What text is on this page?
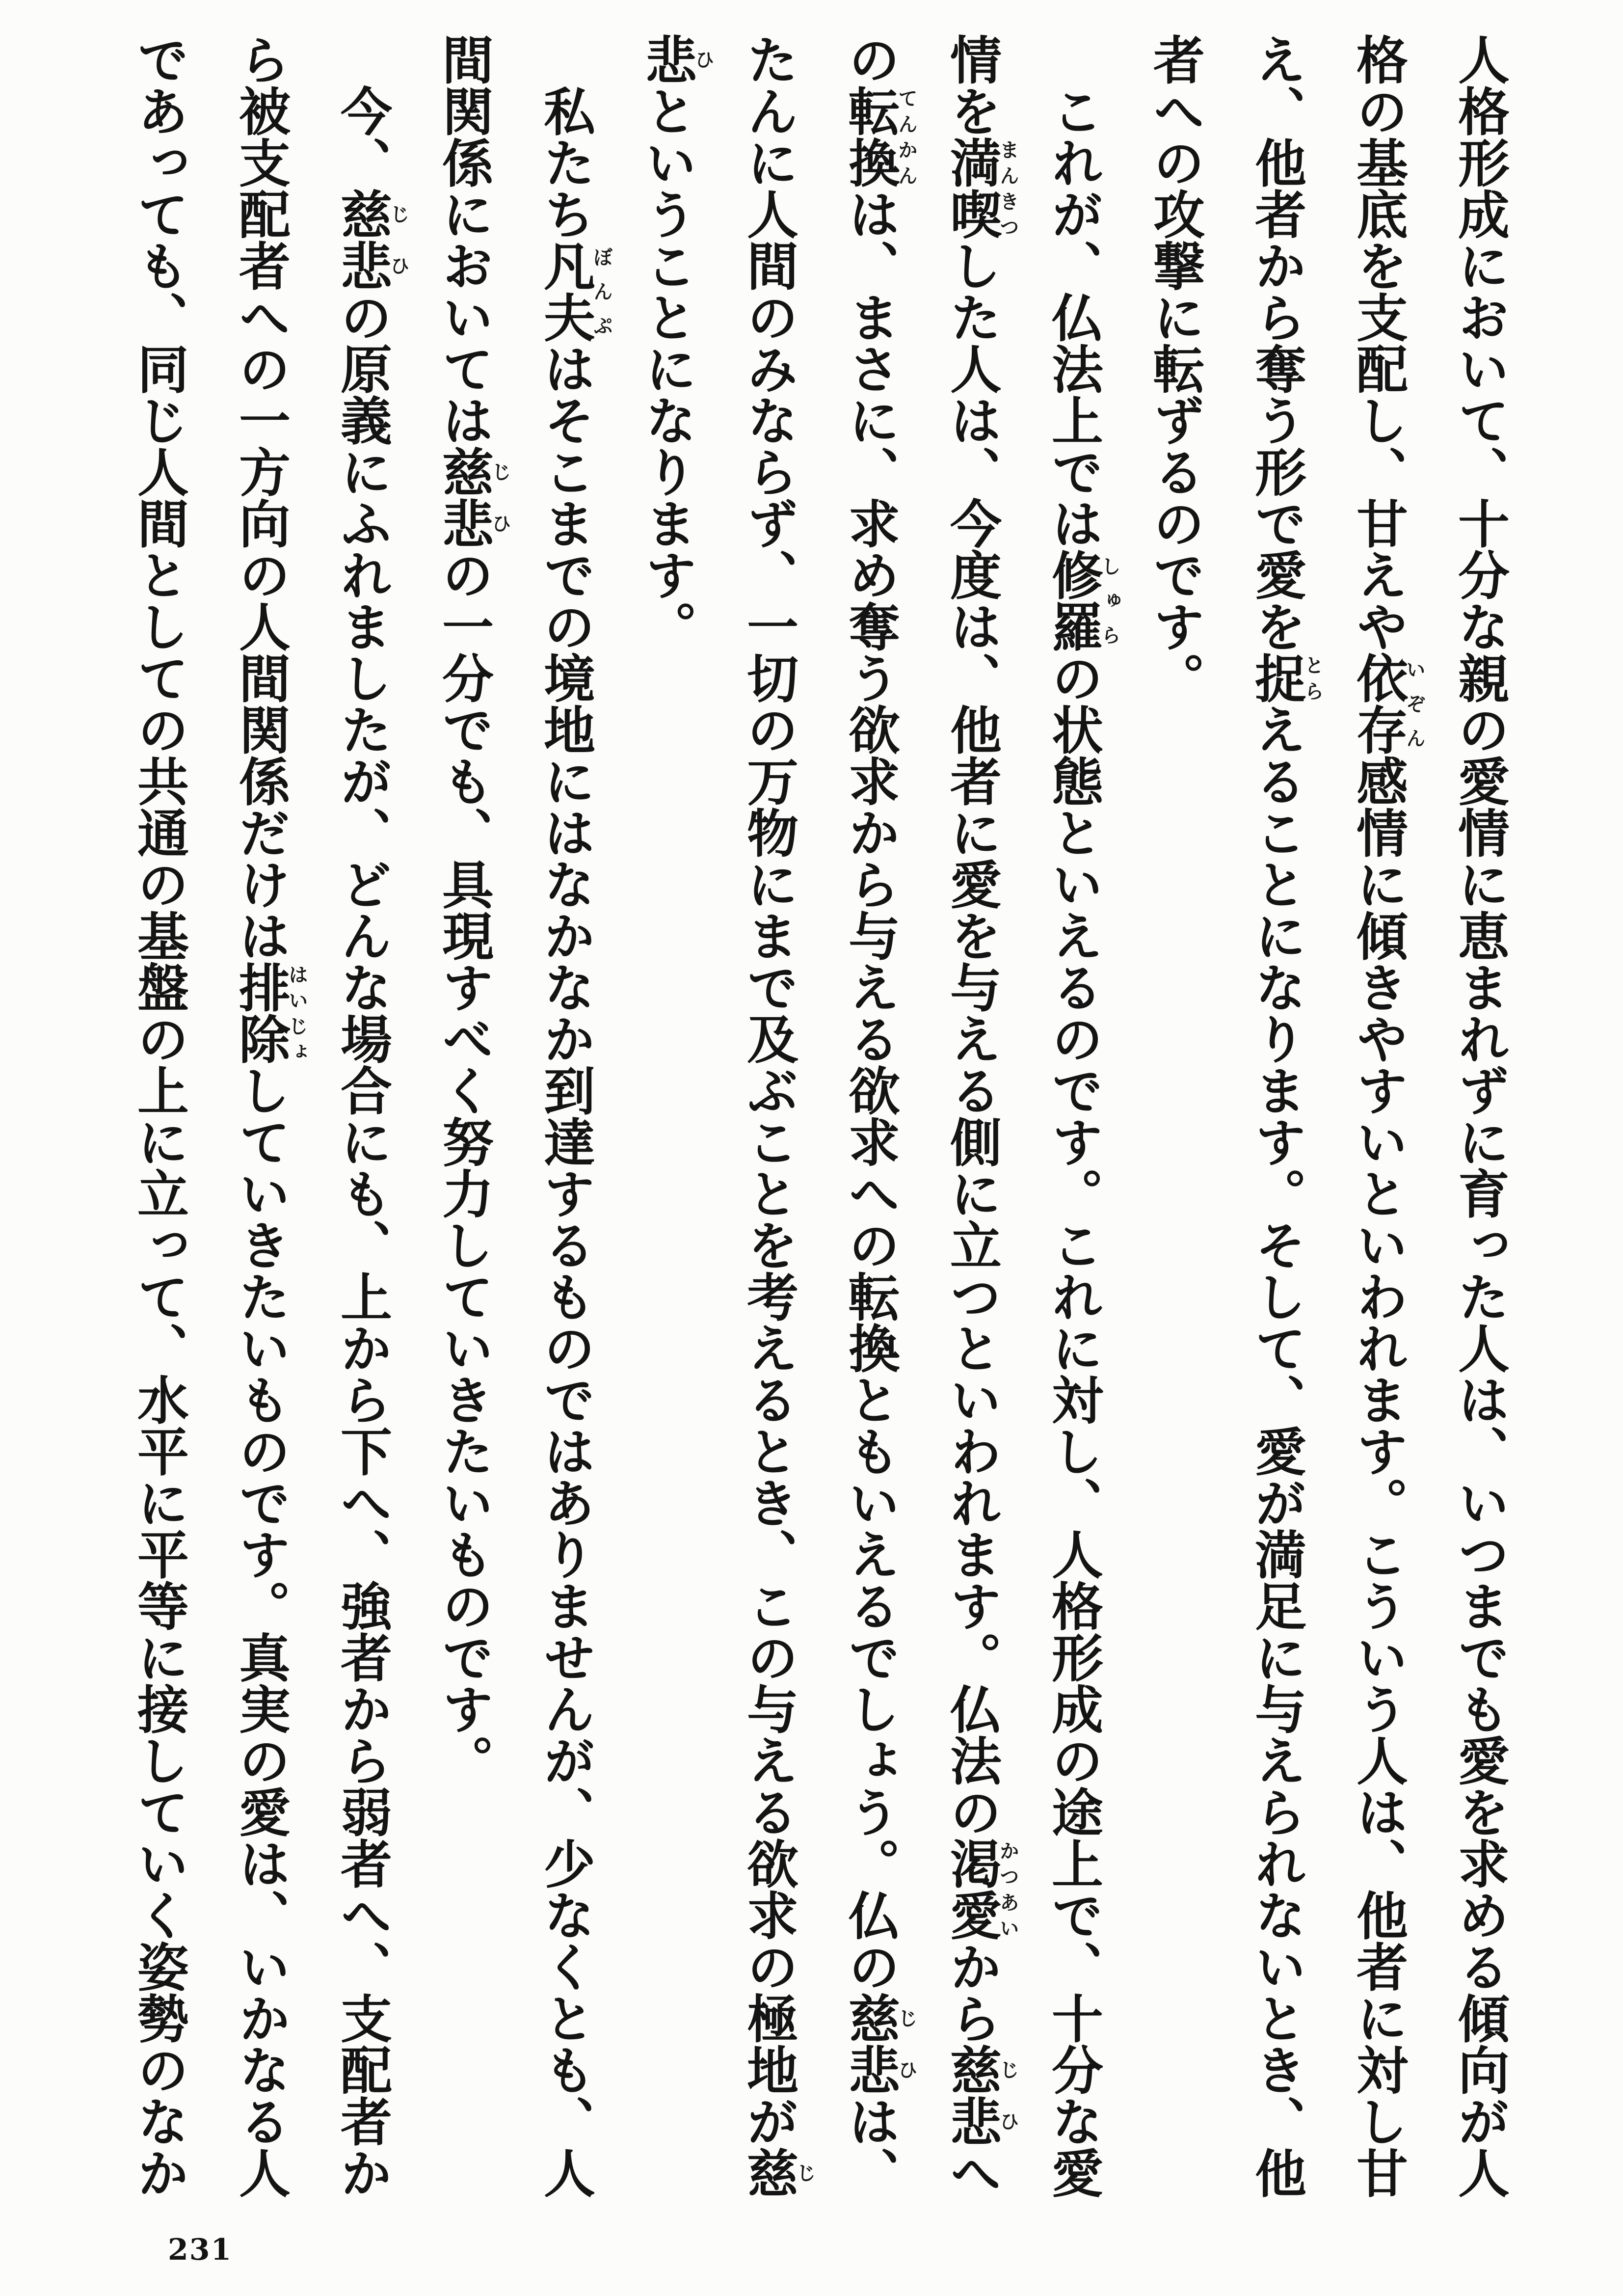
人格形成において、十分な親の愛情に恵まれずに育った人は、いつまでも愛を求める傾向が人
格の基底を支配し、甘えや依存いぞん感情に傾きやすいといわれます。こういう人は、他者に対し甘
え、他者から奪う形で愛を捉とらえることになります。そして、愛が満足に与えられないとき、他
者への攻撃に転ずるのです。
これが、仏法上では修羅しゅらの状態といえるのです。これに対し、人格形成の途上で、十分な愛
情を満喫まんきつした人は、今度は、他者に愛を与える側に立つといわれます。仏法の渇愛かつあいから慈悲じひへ
の転換てんかんは、まさに、求め奪う欲求から与える欲求への転換ともいえるでしょう。仏の慈悲じひは、
たんに人間のみならず、一切の万物にまで及ぶことを考えるとき、この与える欲求の極地が慈じ
悲ひということになります。
私たち凡夫ぼんぷはそこまでの境地にはなかなか到達するものではありませんが、少なくとも、人
間関係においては慈悲じひの一分でも、具現すべく努力していきたいものです。
今、慈悲じひの原義にふれましたが、どんな場合にも、上から下へ、強者から弱者へ、支配者か
ら被支配者への一方向の人間関係だけは排除はいじょしていきたいものです。真実の愛は、いかなる人
であっても、同じ人間としての共通の基盤の上に立って、水平に平等に接していく姿勢のなか
231
